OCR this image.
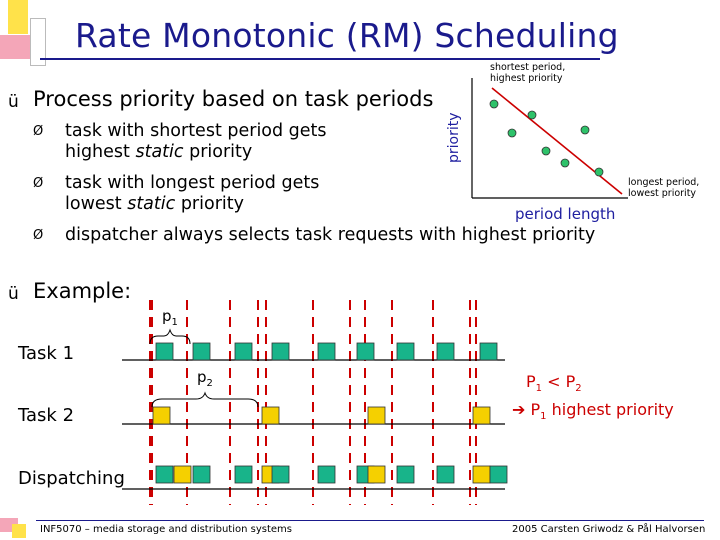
Rate Monotonic (RM) Scheduling
ü Process priority based on task periods
Ø task with shortest period gets
highest static priority
Ø task with longest period gets
lowest static priority
Ø dispatcher always selects task requests with highest priority
ü Example:
shortest period,
highest priority
longest period,
lowest priority
period length
priority
Task 1
Task 2
Dispatching
$p_1$
$p_2$	$P_1 < P_2$
➔ $P_1$ highest priority
INF5070 – media storage and distribution systems	2005 Carsten Griwodz & Pål Halvorsen
